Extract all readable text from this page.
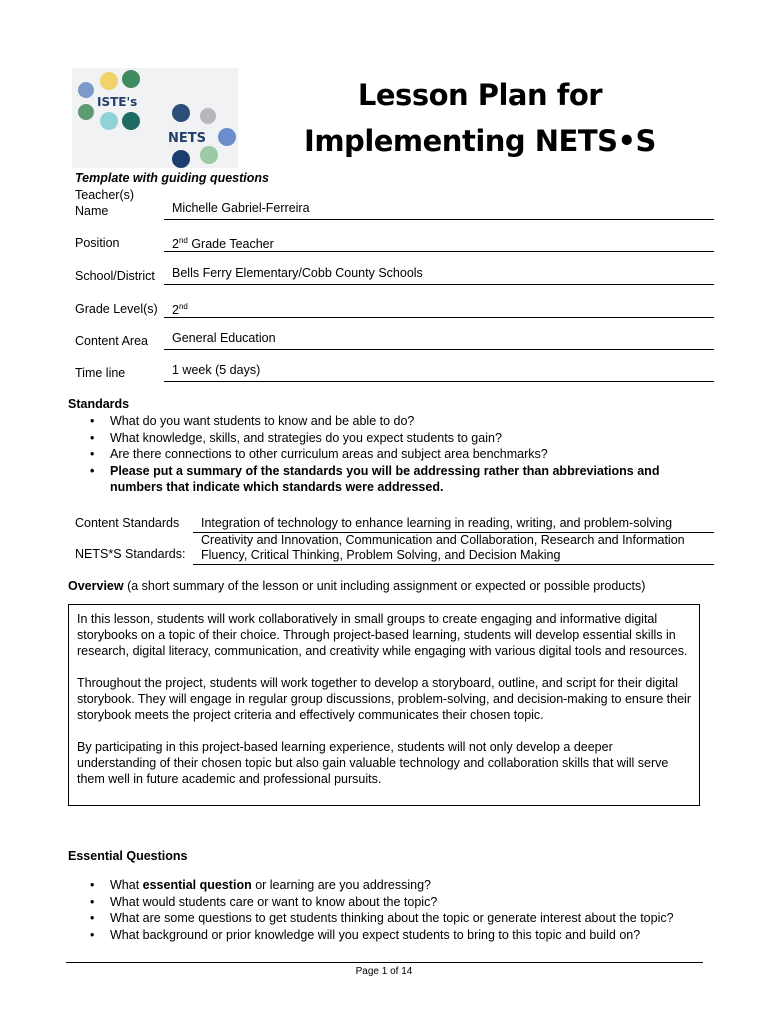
ISTE's
NETS
Lesson Plan for
Implementing NETS•S
Template with guiding questions
Teacher(s)
Name	Michelle Gabriel-Ferreira
Position	2nd Grade Teacher
School/District	Bells Ferry Elementary/Cobb County Schools
Grade Level(s)	2nd
Content Area	General Education
Time line	1 week (5 days)
Standards
• What do you want students to know and be able to do?
• What knowledge, skills, and strategies do you expect students to gain?
• Are there connections to other curriculum areas and subject area benchmarks?
• Please put a summary of the standards you will be addressing rather than abbreviations and numbers that indicate which standards were addressed.
Content Standards	Integration of technology to enhance learning in reading, writing, and problem-solving
NETS*S Standards:
Creativity and Innovation, Communication and Collaboration, Research and Information
Fluency, Critical Thinking, Problem Solving, and Decision Making
Overview (a short summary of the lesson or unit including assignment or expected or possible products)

In this lesson, students will work collaboratively in small groups to create engaging and informative digital storybooks on a topic of their choice. Through project-based learning, students will develop essential skills in research, digital literacy, communication, and creativity while engaging with various digital tools and resources.

Throughout the project, students will work together to develop a storyboard, outline, and script for their digital storybook. They will engage in regular group discussions, problem-solving, and decision-making to ensure their storybook meets the project criteria and effectively communicates their chosen topic.

By participating in this project-based learning experience, students will not only develop a deeper understanding of their chosen topic but also gain valuable technology and collaboration skills that will serve them well in future academic and professional pursuits.

Essential Questions
• What essential question or learning are you addressing?
• What would students care or want to know about the topic?
• What are some questions to get students thinking about the topic or generate interest about the topic?
• What background or prior knowledge will you expect students to bring to this topic and build on?
Page 1 of 14
